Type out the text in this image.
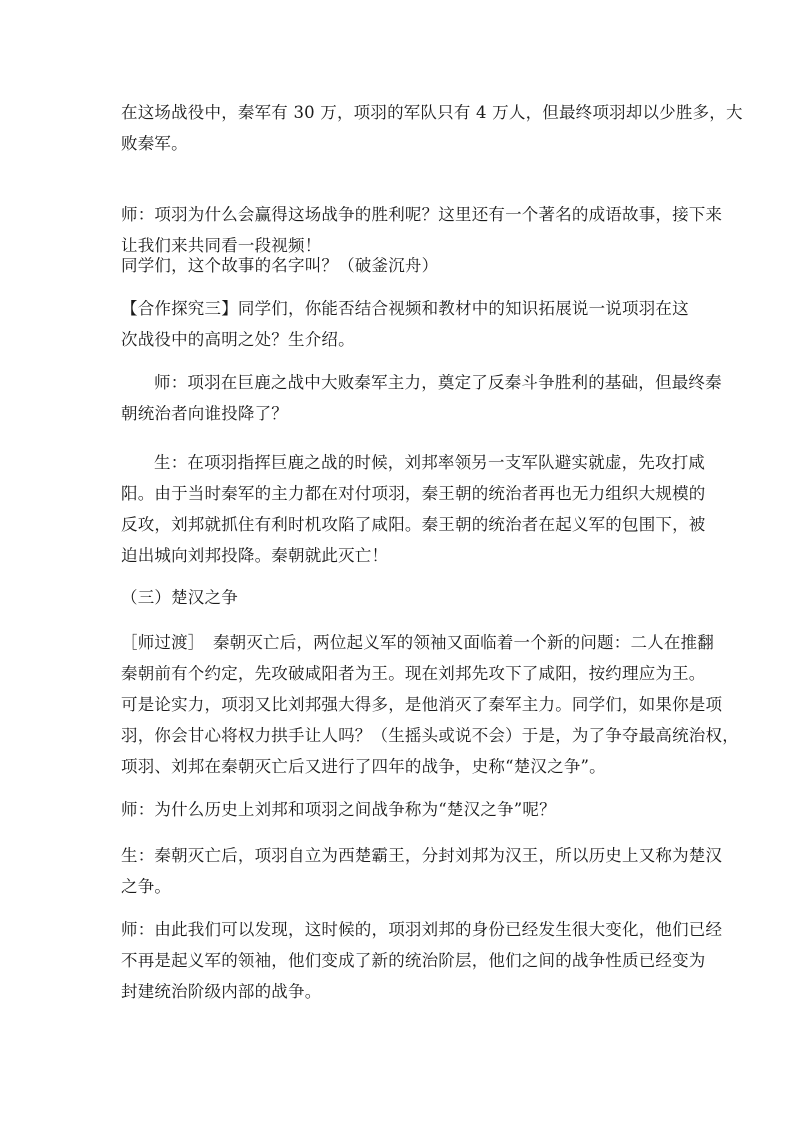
在这场战役中，秦军有 30 万，项羽的军队只有 4 万人，但最终项羽却以少胜多，大
败秦军。

师：项羽为什么会赢得这场战争的胜利呢？这里还有一个著名的成语故事，接下来
让我们来共同看一段视频！

同学们，这个故事的名字叫？（破釜沉舟）

【合作探究三】同学们，你能否结合视频和教材中的知识拓展说一说项羽在这
次战役中的高明之处？生介绍。

师：项羽在巨鹿之战中大败秦军主力，奠定了反秦斗争胜利的基础，但最终秦
朝统治者向谁投降了？

生：在项羽指挥巨鹿之战的时候，刘邦率领另一支军队避实就虚，先攻打咸
阳。由于当时秦军的主力都在对付项羽，秦王朝的统治者再也无力组织大规模的
反攻，刘邦就抓住有利时机攻陷了咸阳。秦王朝的统治者在起义军的包围下，被
迫出城向刘邦投降。秦朝就此灭亡！

（三）楚汉之争

［师过渡］　秦朝灭亡后，两位起义军的领袖又面临着一个新的问题：二人在推翻
秦朝前有个约定，先攻破咸阳者为王。现在刘邦先攻下了咸阳，按约理应为王。
可是论实力，项羽又比刘邦强大得多，是他消灭了秦军主力。同学们，如果你是项
羽，你会甘心将权力拱手让人吗？（生摇头或说不会）于是，为了争夺最高统治权，
项羽、刘邦在秦朝灭亡后又进行了四年的战争，史称“楚汉之争”。

师：为什么历史上刘邦和项羽之间战争称为“楚汉之争”呢？

生：秦朝灭亡后，项羽自立为西楚霸王，分封刘邦为汉王，所以历史上又称为楚汉
之争。

师：由此我们可以发现，这时候的，项羽刘邦的身份已经发生很大变化，他们已经
不再是起义军的领袖，他们变成了新的统治阶层，他们之间的战争性质已经变为
封建统治阶级内部的战争。
